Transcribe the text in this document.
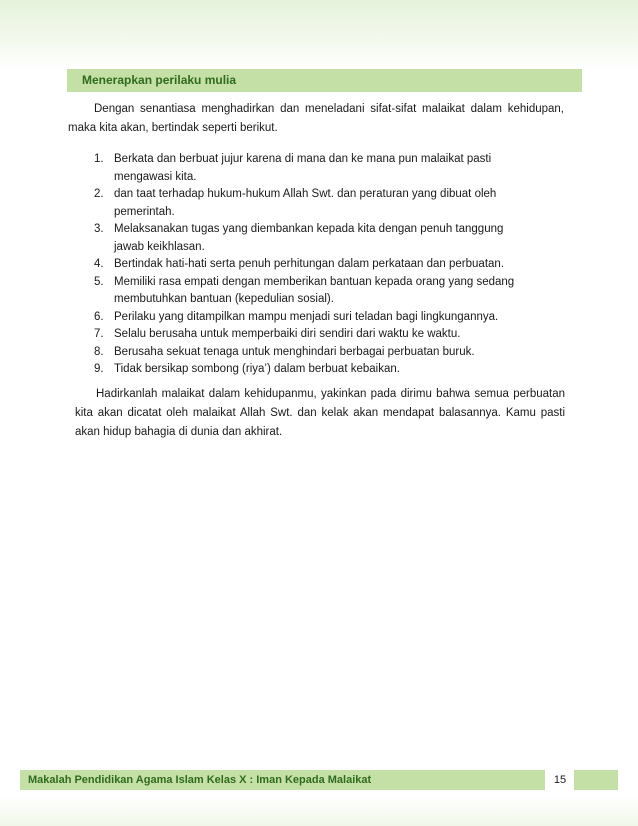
Menerapkan perilaku mulia

Dengan senantiasa menghadirkan dan meneladani sifat-sifat malaikat dalam kehidupan, maka kita akan, bertindak seperti berikut.

1. Berkata dan berbuat jujur karena di mana dan ke mana pun malaikat pasti mengawasi kita.
2. dan taat terhadap hukum-hukum Allah Swt. dan peraturan yang dibuat oleh pemerintah.
3. Melaksanakan tugas yang diembankan kepada kita dengan penuh tanggung jawab keikhlasan.
4. Bertindak hati-hati serta penuh perhitungan dalam perkataan dan perbuatan.
5. Memiliki rasa empati dengan memberikan bantuan kepada orang yang sedang membutuhkan bantuan (kepedulian sosial).
6. Perilaku yang ditampilkan mampu menjadi suri teladan bagi lingkungannya.
7. Selalu berusaha untuk memperbaiki diri sendiri dari waktu ke waktu.
8. Berusaha sekuat tenaga untuk menghindari berbagai perbuatan buruk.
9. Tidak bersikap sombong (riya’) dalam berbuat kebaikan.

Hadirkanlah malaikat dalam kehidupanmu, yakinkan pada dirimu bahwa semua perbuatan kita akan dicatat oleh malaikat Allah Swt. dan kelak akan mendapat balasannya. Kamu pasti akan hidup bahagia di dunia dan akhirat.

Makalah Pendidikan Agama Islam Kelas X : Iman Kepada Malaikat	15
